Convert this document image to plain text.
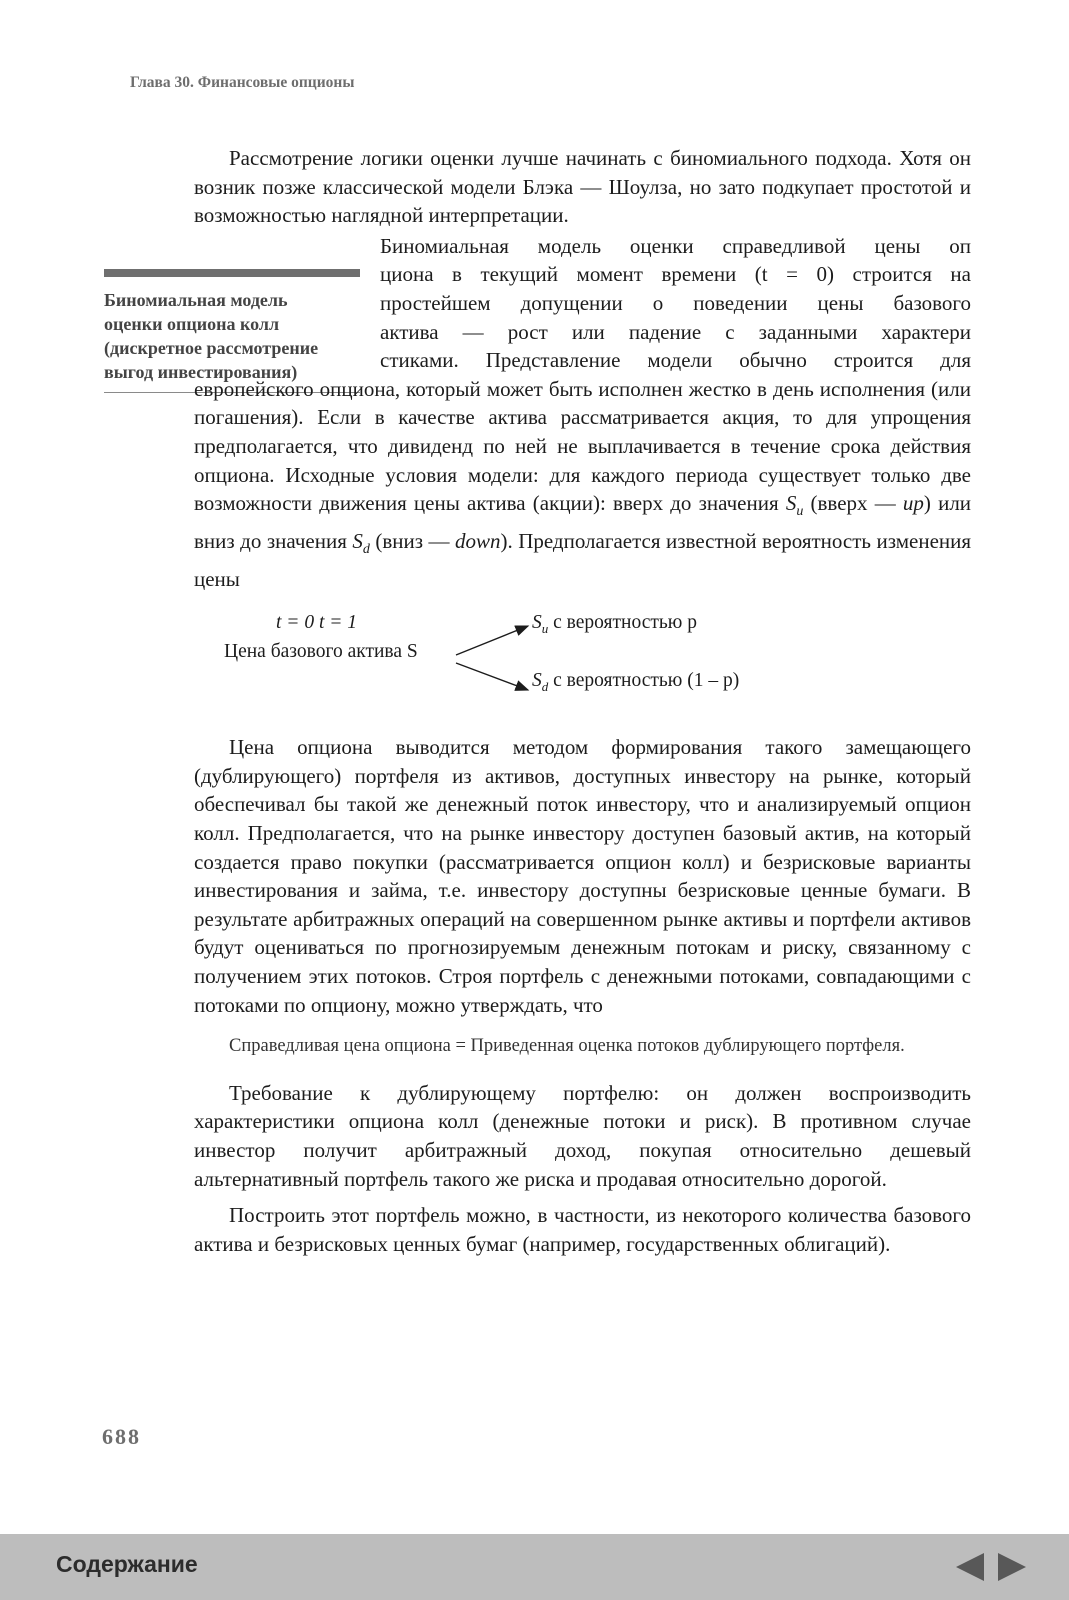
Глава 30. Финансовые опционы
Биномиальная модель
оценки опциона колл
(дискретное рассмотрение
выгод инвестирования)

Рассмотрение логики оценки лучше начинать с биномиального подхода. Хотя он возник позже классической модели Блэка — Шоулза, но зато подкупает простотой и возможностью наглядной интерпретации.

Биномиальная модель оценки справедливой цены оп
циона в текущий момент времени (t = 0) строится на
простейшем допущении о поведении цены базового
актива — рост или падение с заданными характери
стиками. Представление модели обычно строится для

европейского опциона, который может быть исполнен жестко в день исполнения (или погашения). Если в качестве актива рассматривается акция, то для упрощения предполагается, что дивиденд по ней не выплачивается в течение срока действия опциона. Исходные условия модели: для каждого периода существует только две возможности движения цены актива (акции): вверх до значения $S_u$ (вверх — up) или вниз до значения $S_d$ (вниз — down). Предполагается известной вероятность изменения цены

t = 0 t = 1
Цена базового актива S
$S_u$ с вероятностью p
$S_d$ с вероятностью (1 – p)

Цена опциона выводится методом формирования такого замещающего (дублирующего) портфеля из активов, доступных инвестору на рынке, который обеспечивал бы такой же денежный поток инвестору, что и анализируемый опцион колл. Предполагается, что на рынке инвестору доступен базовый актив, на который создается право покупки (рассматривается опцион колл) и безрисковые варианты инвестирования и займа, т.е. инвестору доступны безрисковые ценные бумаги. В результате арбитражных операций на совершенном рынке активы и портфели активов будут оцениваться по прогнозируемым денежным потокам и риску, связанному с получением этих потоков. Строя портфель с денежными потоками, совпадающими с потоками по опциону, можно утверждать, что

Справедливая цена опциона = Приведенная оценка потоков дублирующего портфеля.

Требование к дублирующему портфелю: он должен воспроизводить характеристики опциона колл (денежные потоки и риск). В противном случае инвестор получит арбитражный доход, покупая относительно дешевый альтернативный портфель такого же риска и продавая относительно дорогой.

Построить этот портфель можно, в частности, из некоторого количества базового актива и безрисковых ценных бумаг (например, государственных облигаций).

688
Содержание
